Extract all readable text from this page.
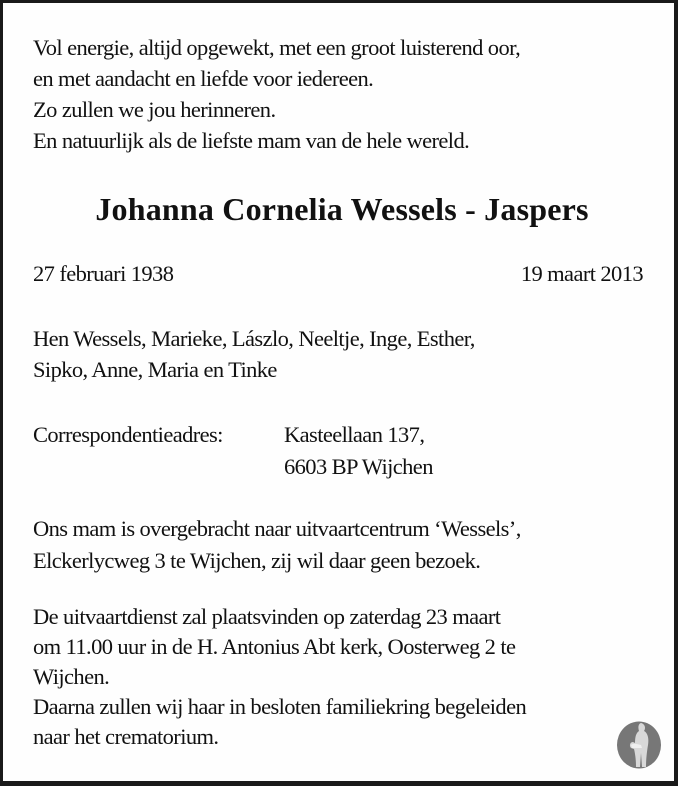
Vol energie, altijd opgewekt, met een groot luisterend oor,
en met aandacht en liefde voor iedereen.
Zo zullen we jou herinneren.
En natuurlijk als de liefste mam van de hele wereld.
Johanna Cornelia Wessels - Jaspers
27 februari 1938	19 maart 2013
Hen Wessels, Marieke, Lászlo, Neeltje, Inge, Esther,
Sipko, Anne, Maria en Tinke
Correspondentieadres:	Kasteellaan 137,
6603 BP Wijchen
Ons mam is overgebracht naar uitvaartcentrum ‘Wessels’,
Elckerlycweg 3 te Wijchen, zij wil daar geen bezoek.
De uitvaartdienst zal plaatsvinden op zaterdag 23 maart
om 11.00 uur in de H. Antonius Abt kerk, Oosterweg 2 te
Wijchen.
Daarna zullen wij haar in besloten familiekring begeleiden
naar het crematorium.
